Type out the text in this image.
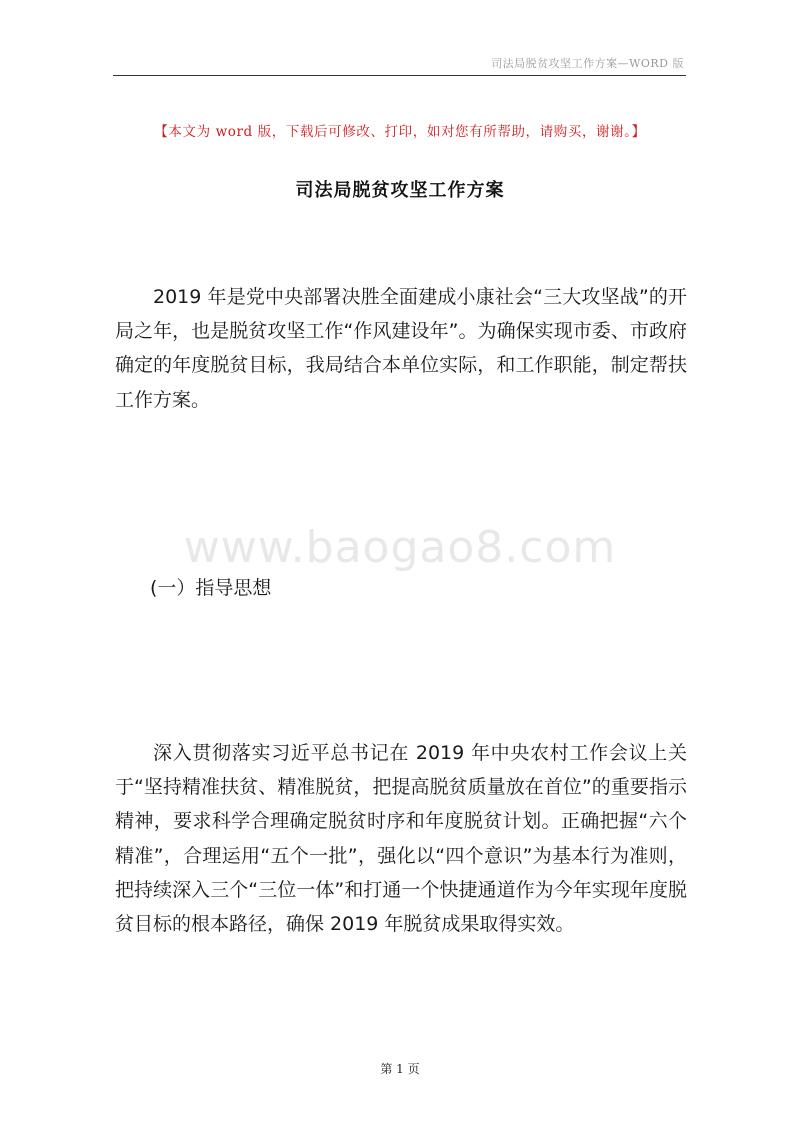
司法局脱贫攻坚工作方案—WORD 版
【本文为 word 版，下载后可修改、打印，如对您有所帮助，请购买，谢谢。】
司法局脱贫攻坚工作方案

2019 年是党中央部署决胜全面建成小康社会“三大攻坚战”的开局之年，也是脱贫攻坚工作“作风建设年”。为确保实现市委、市政府确定的年度脱贫目标，我局结合本单位实际，和工作职能，制定帮扶工作方案。

www.baogao8.com
(一）指导思想

深入贯彻落实习近平总书记在 2019 年中央农村工作会议上关于“坚持精准扶贫、精准脱贫，把提高脱贫质量放在首位”的重要指示精神，要求科学合理确定脱贫时序和年度脱贫计划。正确把握“六个精准”，合理运用“五个一批”，强化以“四个意识”为基本行为准则，把持续深入三个“三位一体”和打通一个快捷通道作为今年实现年度脱贫目标的根本路径，确保 2019 年脱贫成果取得实效。

第 1 页
